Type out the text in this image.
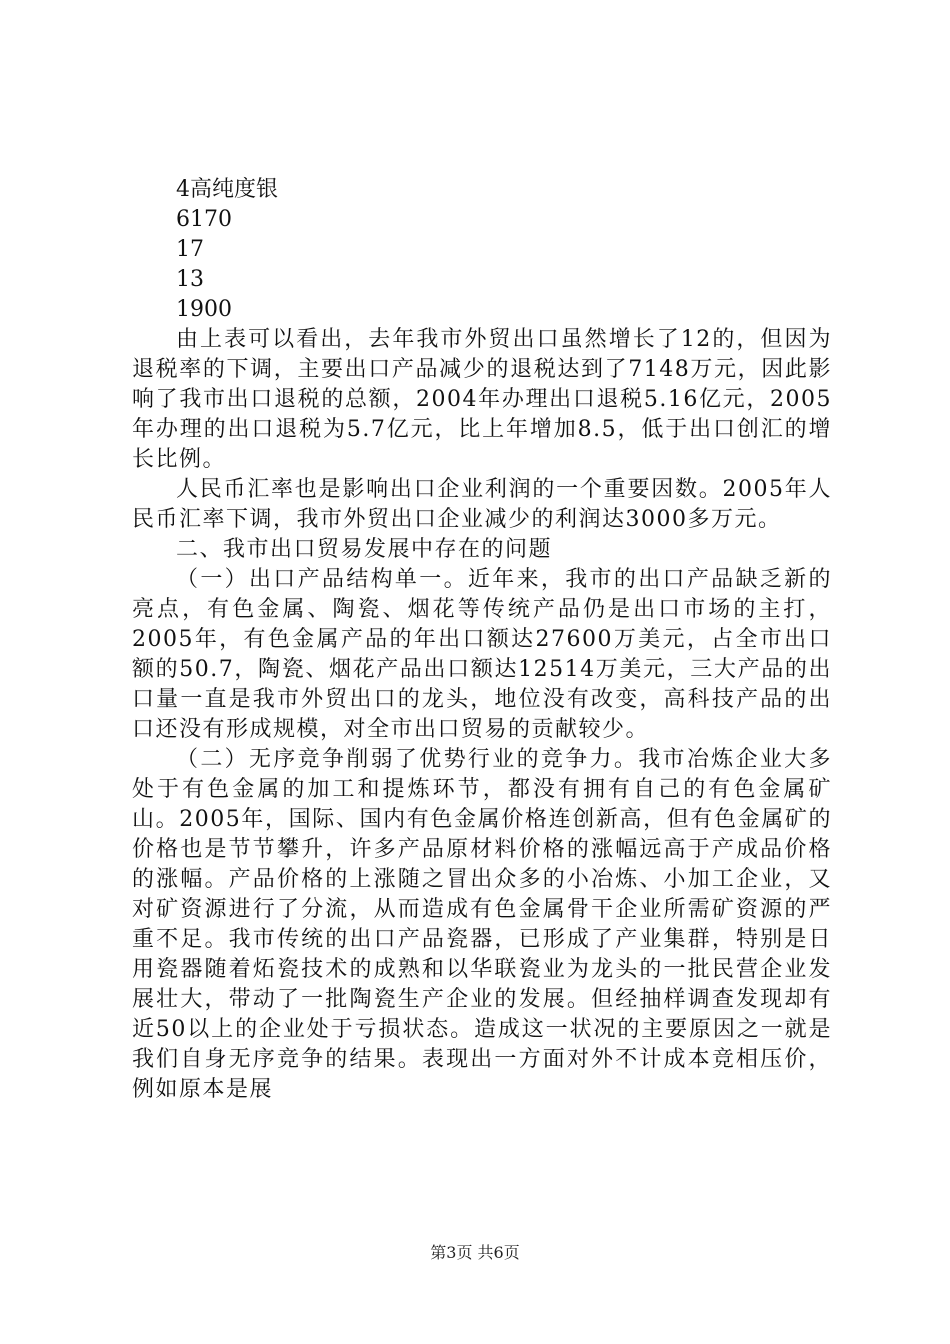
4高纯度银
6170
17
13
1900

由上表可以看出，去年我市外贸出口虽然增长了12的，但因为退税率的下调，主要出口产品减少的退税达到了7148万元，因此影响了我市出口退税的总额，2004年办理出口退税5.16亿元，2005年办理的出口退税为5.7亿元，比上年增加8.5，低于出口创汇的增长比例。

人民币汇率也是影响出口企业利润的一个重要因数。2005年人民币汇率下调，我市外贸出口企业减少的利润达3000多万元。

二、我市出口贸易发展中存在的问题

（一）出口产品结构单一。近年来，我市的出口产品缺乏新的亮点，有色金属、陶瓷、烟花等传统产品仍是出口市场的主打，2005年，有色金属产品的年出口额达27600万美元，占全市出口额的50.7，陶瓷、烟花产品出口额达12514万美元，三大产品的出口量一直是我市外贸出口的龙头，地位没有改变，高科技产品的出口还没有形成规模，对全市出口贸易的贡献较少。

（二）无序竞争削弱了优势行业的竞争力。我市冶炼企业大多处于有色金属的加工和提炼环节，都没有拥有自己的有色金属矿山。2005年，国际、国内有色金属价格连创新高，但有色金属矿的价格也是节节攀升，许多产品原材料价格的涨幅远高于产成品价格的涨幅。产品价格的上涨随之冒出众多的小冶炼、小加工企业，又对矿资源进行了分流，从而造成有色金属骨干企业所需矿资源的严重不足。我市传统的出口产品瓷器，已形成了产业集群，特别是日用瓷器随着炻瓷技术的成熟和以华联瓷业为龙头的一批民营企业发展壮大，带动了一批陶瓷生产企业的发展。但经抽样调查发现却有近50以上的企业处于亏损状态。造成这一状况的主要原因之一就是我们自身无序竞争的结果。表现出一方面对外不计成本竞相压价，例如原本是展

第3页 共6页
